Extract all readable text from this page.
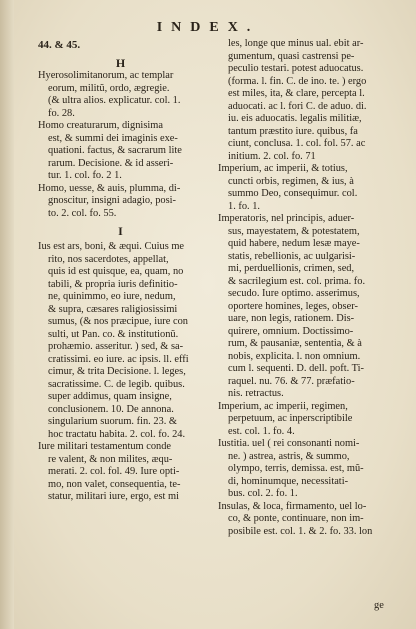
INDEX.
44. & 45.
H
Hyerosolimitanorum, ac templar
eorum, militũ, ordo, ægregie.
(& ultra alios. explicatur. col. 1.
fo. 28.
Homo creaturarum, dignisima
est, & summi dei imaginis exe-
quationi. factus, & sacrarum lite
rarum. Decisione. & id asseri-
tur. 1. col. fo. 2 1.
Homo, uesse, & auis, plumma, di-
gnoscitur, insigni adagio, posi-
to. 2. col. fo. 55.
I
Ius est ars, boni, & æqui. Cuius me
rito, nos sacerdotes, appellat,
quis id est quisque, ea, quam, no
tabili, & propria iuris definitio-
ne, quinimmo, eo iure, nedum,
& supra, cæsares raligiosissimi
sumus, (& nos præcipue, iure con
sulti, ut Pan. co. & institutionũ.
prohæmio. asseritur. ) sed, & sa-
cratissimi. eo iure. ac ipsis. ll. effi
cimur, & trita Decisione. l. leges,
sacratissime. C. de legib. quibus.
super addimus, quam insigne,
conclusionem. 10. De annona.
singularium suorum. fin. 23. &
hoc tractatu habita. 2. col. fo. 24.
Iure militari testamentum conde
re valent, & non milites, æqu-
merati. 2. col. fol. 49. Iure opti-
mo, non valet, consequentia, te-
statur, militari iure, ergo, est mi
les, longe que minus ual. ebit ar-
gumentum, quasi castrensi pe-
peculio testari. potest aduocatus.
(forma. l. fin. C. de ino. te. ) ergo
est miles, ita, & clare, percepta l.
aduocati. ac l. fori C. de aduo. di.
iu. eis aduocatis. legalis militiæ,
tantum præstito iure. quibus, fa
ciunt, conclusa. 1. col. fol. 57. ac
initium. 2. col. fo. 71
Imperium, ac imperii, & totius,
cuncti orbis, regimen, & ius, à
summo Deo, consequimur. col.
1. fo. 1.
Imperatoris, nel principis, aduer-
sus, mayestatem, & potestatem,
quid habere, nedum lesæ maye-
statis, rebellionis, ac uulgarisi-
mi, perduellionis, crimen, sed,
& sacrilegium est. col. prima. fo.
secudo. Iure optimo. asserimus,
oportere homines, leges, obser-
uare, non legis, rationem. Dis-
quirere, omnium. Doctissimo-
rum, & pausaniæ, sententia, & à
nobis, explicita. l. non omnium.
cum l. sequenti. D. dell. poft. Ti-
raquel. nu. 76. & 77. præfatio-
nis. retractus.
Imperium, ac imperii, regimen,
perpetuum, ac inperscriptibile
est. col. 1. fo. 4.
Iustitia. uel ( rei consonanti nomi-
ne. ) astrea, astris, & summo,
olympo, terris, demissa. est, mũ-
di, hominumque, necessitati-
bus. col. 2. fo. 1.
Insulas, & loca, firmamento, uel lo-
co, & ponte, continuare, non im-
posibile est. col. 1. & 2. fo. 33. lon
ge
